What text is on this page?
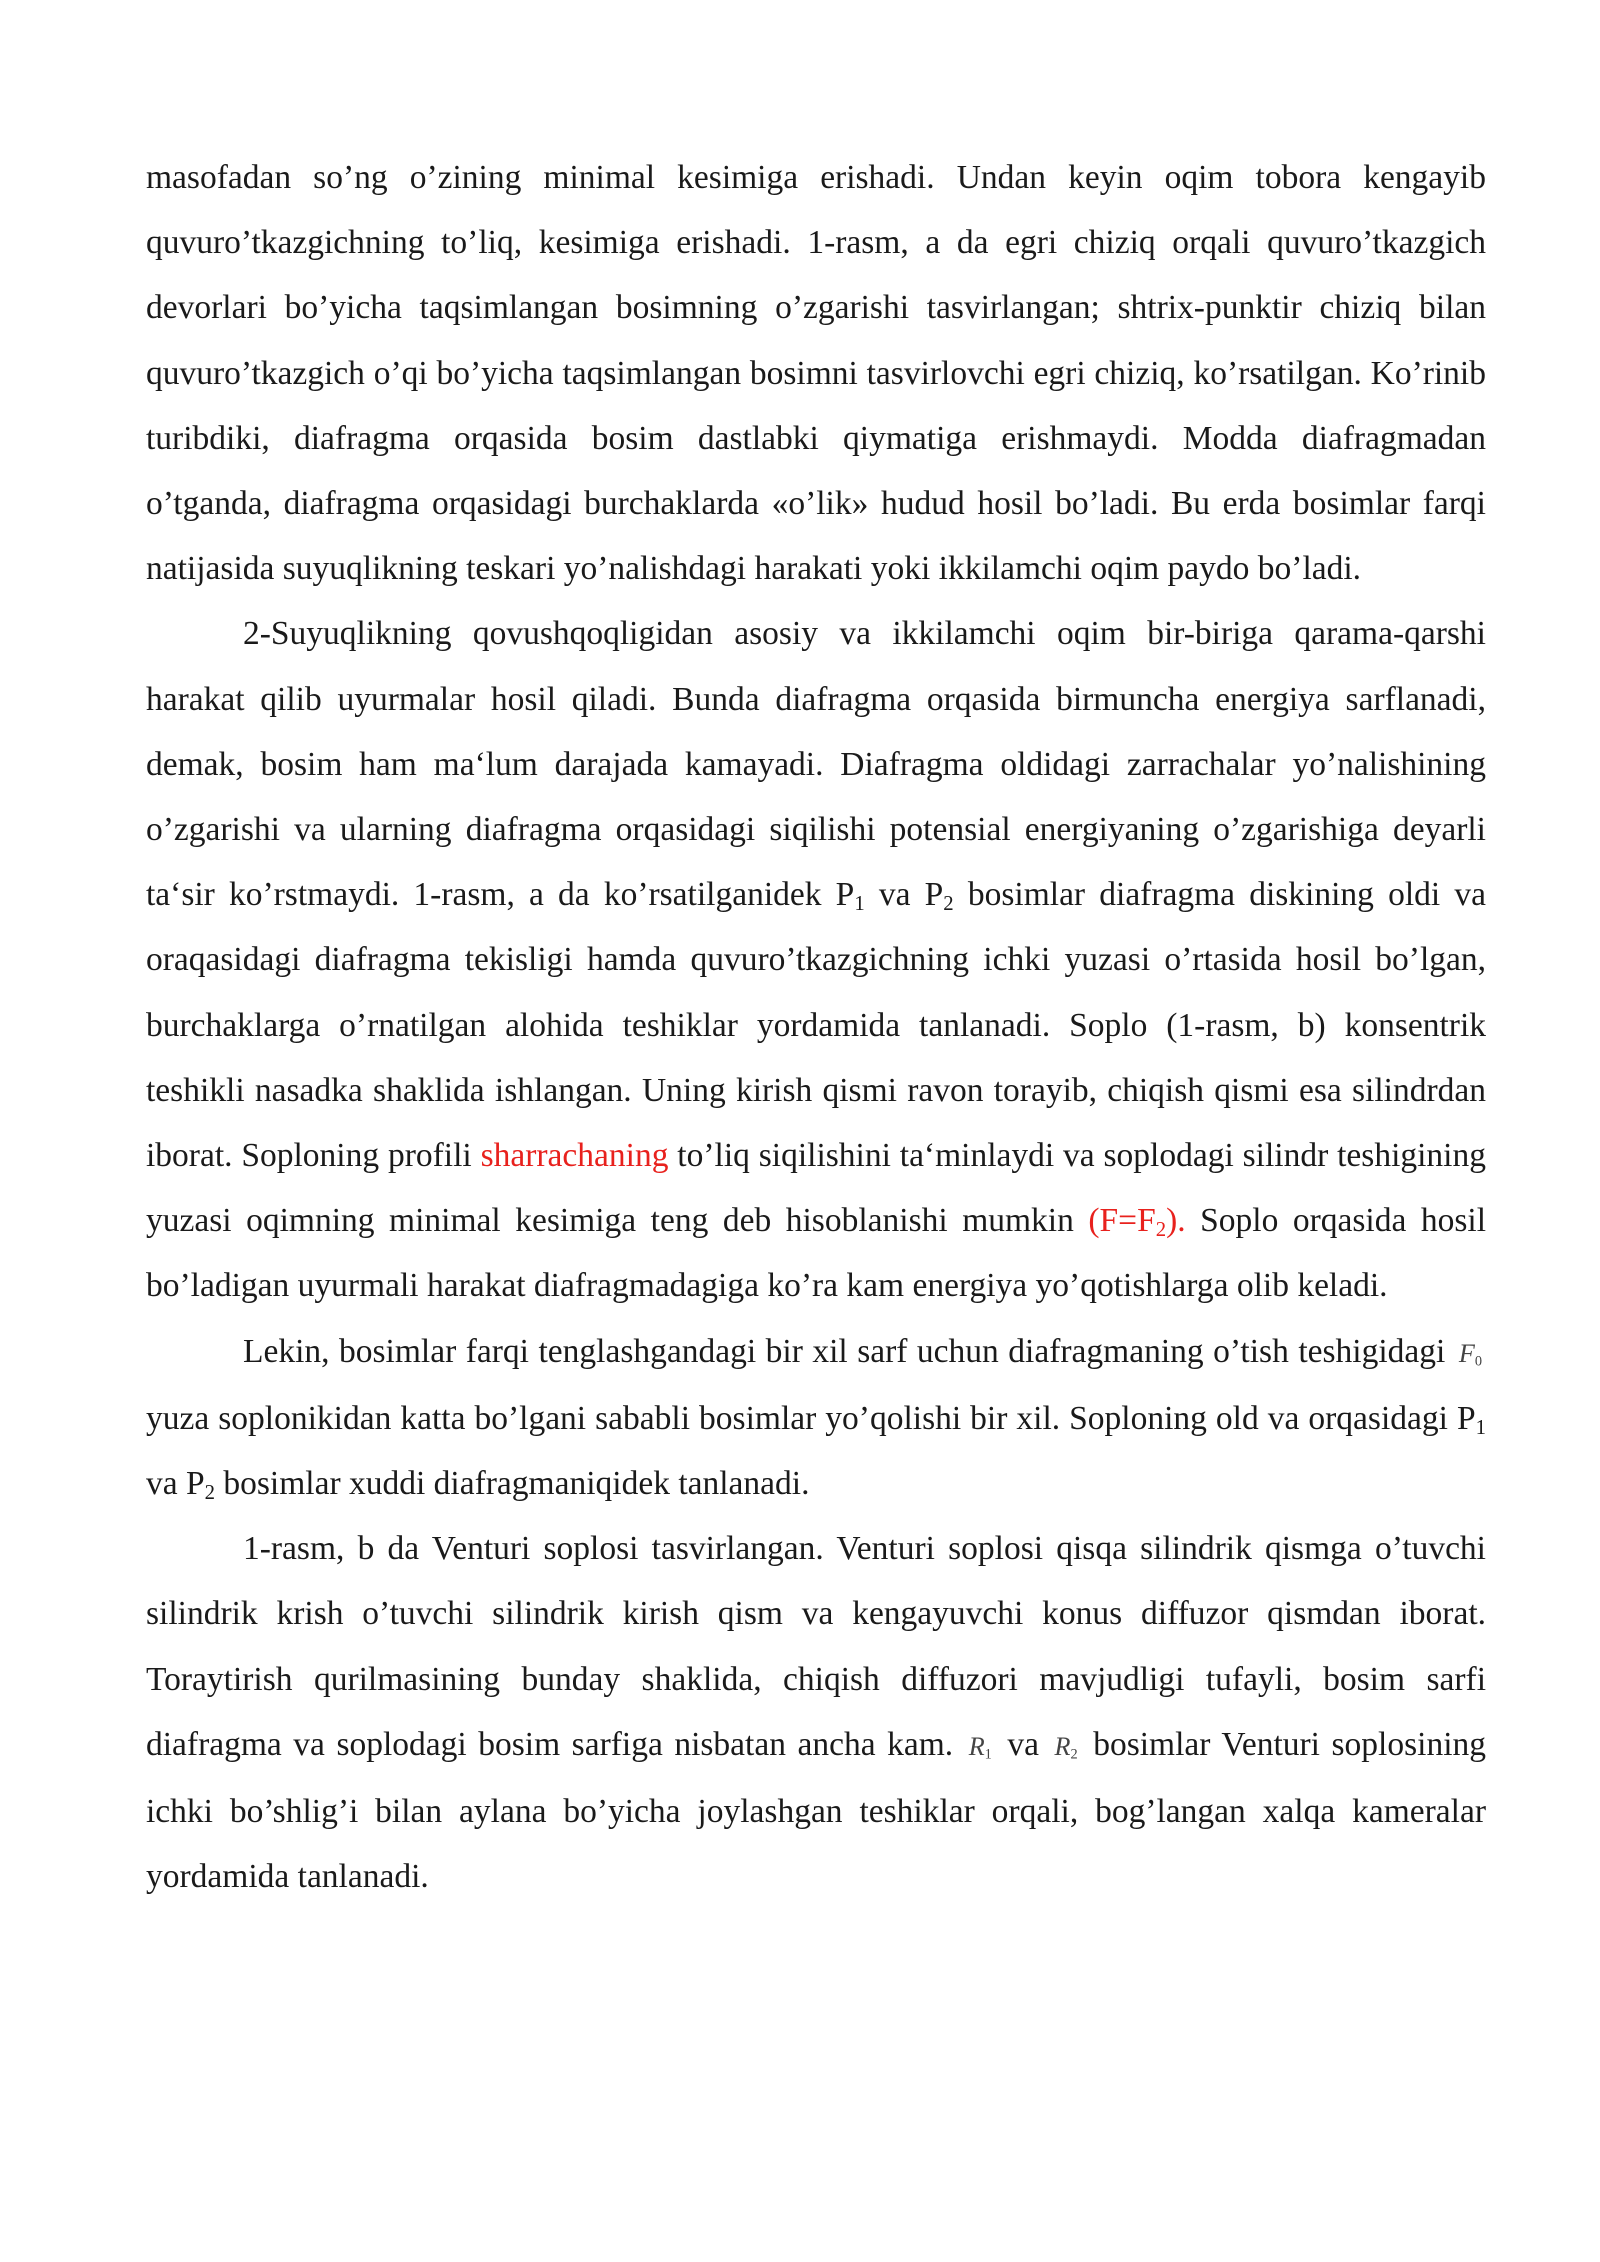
masofadan so’ng o’zining minimal kesimiga erishadi. Undan keyin oqim tobora kengayib quvuro’tkazgichning to’liq, kesimiga erishadi. 1-rasm, a da egri chiziq orqali quvuro’tkazgich devorlari bo’yicha taqsimlangan bosimning o’zgarishi tasvirlangan; shtrix-punktir chiziq bilan quvuro’tkazgich o’qi bo’yicha taqsimlangan bosimni tasvirlovchi egri chiziq, ko’rsatilgan. Ko’rinib turibdiki, diafragma orqasida bosim dastlabki qiymatiga erishmaydi. Modda diafragmadan o’tganda, diafragma orqasidagi burchaklarda «o’lik» hudud hosil bo’ladi. Bu erda bosimlar farqi natijasida suyuqlikning teskari yo’nalishdagi harakati yoki ikkilamchi oqim paydo bo’ladi.

2-Suyuqlikning qovushqoqligidan asosiy va ikkilamchi oqim bir-biriga qarama-qarshi harakat qilib uyurmalar hosil qiladi. Bunda diafragma orqasida birmuncha energiya sarflanadi, demak, bosim ham ma‘lum darajada kamayadi. Diafragma oldidagi zarrachalar yo’nalishining o’zgarishi va ularning diafragma orqasidagi siqilishi potensial energiyaning o’zgarishiga deyarli ta‘sir ko’rstmaydi. 1-rasm, a da ko’rsatilganidek $P_1$ va $P_2$ bosimlar diafragma diskining oldi va oraqasidagi diafragma tekisligi hamda quvuro’tkazgichning ichki yuzasi o’rtasida hosil bo’lgan, burchaklarga o’rnatilgan alohida teshiklar yordamida tanlanadi. Soplo (1-rasm, b) konsentrik teshikli nasadka shaklida ishlangan. Uning kirish qismi ravon torayib, chiqish qismi esa silindrdan iborat. Soploning profili sharrachaning to’liq siqilishini ta‘minlaydi va soplodagi silindr teshigining yuzasi oqimning minimal kesimiga teng deb hisoblanishi mumkin $(F=F_2)$. Soplo orqasida hosil bo’ladigan uyurmali harakat diafragmadagiga ko’ra kam energiya yo’qotishlarga olib keladi.

Lekin, bosimlar farqi tenglashgandagi bir xil sarf uchun diafragmaning o’tish teshigidagi $F_0$ yuza soplonikidan katta bo’lgani sababli bosimlar yo’qolishi bir xil. Soploning old va orqasidagi $P_1$ va $P_2$ bosimlar xuddi diafragmaniqidek tanlanadi.

1-rasm, b da Venturi soplosi tasvirlangan. Venturi soplosi qisqa silindrik qismga o’tuvchi silindrik krish o’tuvchi silindrik kirish qism va kengayuvchi konus diffuzor qismdan iborat. Toraytirish qurilmasining bunday shaklida, chiqish diffuzori mavjudligi tufayli, bosim sarfi diafragma va soplodagi bosim sarfiga nisbatan ancha kam. $R_1$ va $R_2$ bosimlar Venturi soplosining ichki bo’shlig’i bilan aylana bo’yicha joylashgan teshiklar orqali, bog’langan xalqa kameralar yordamida tanlanadi.
